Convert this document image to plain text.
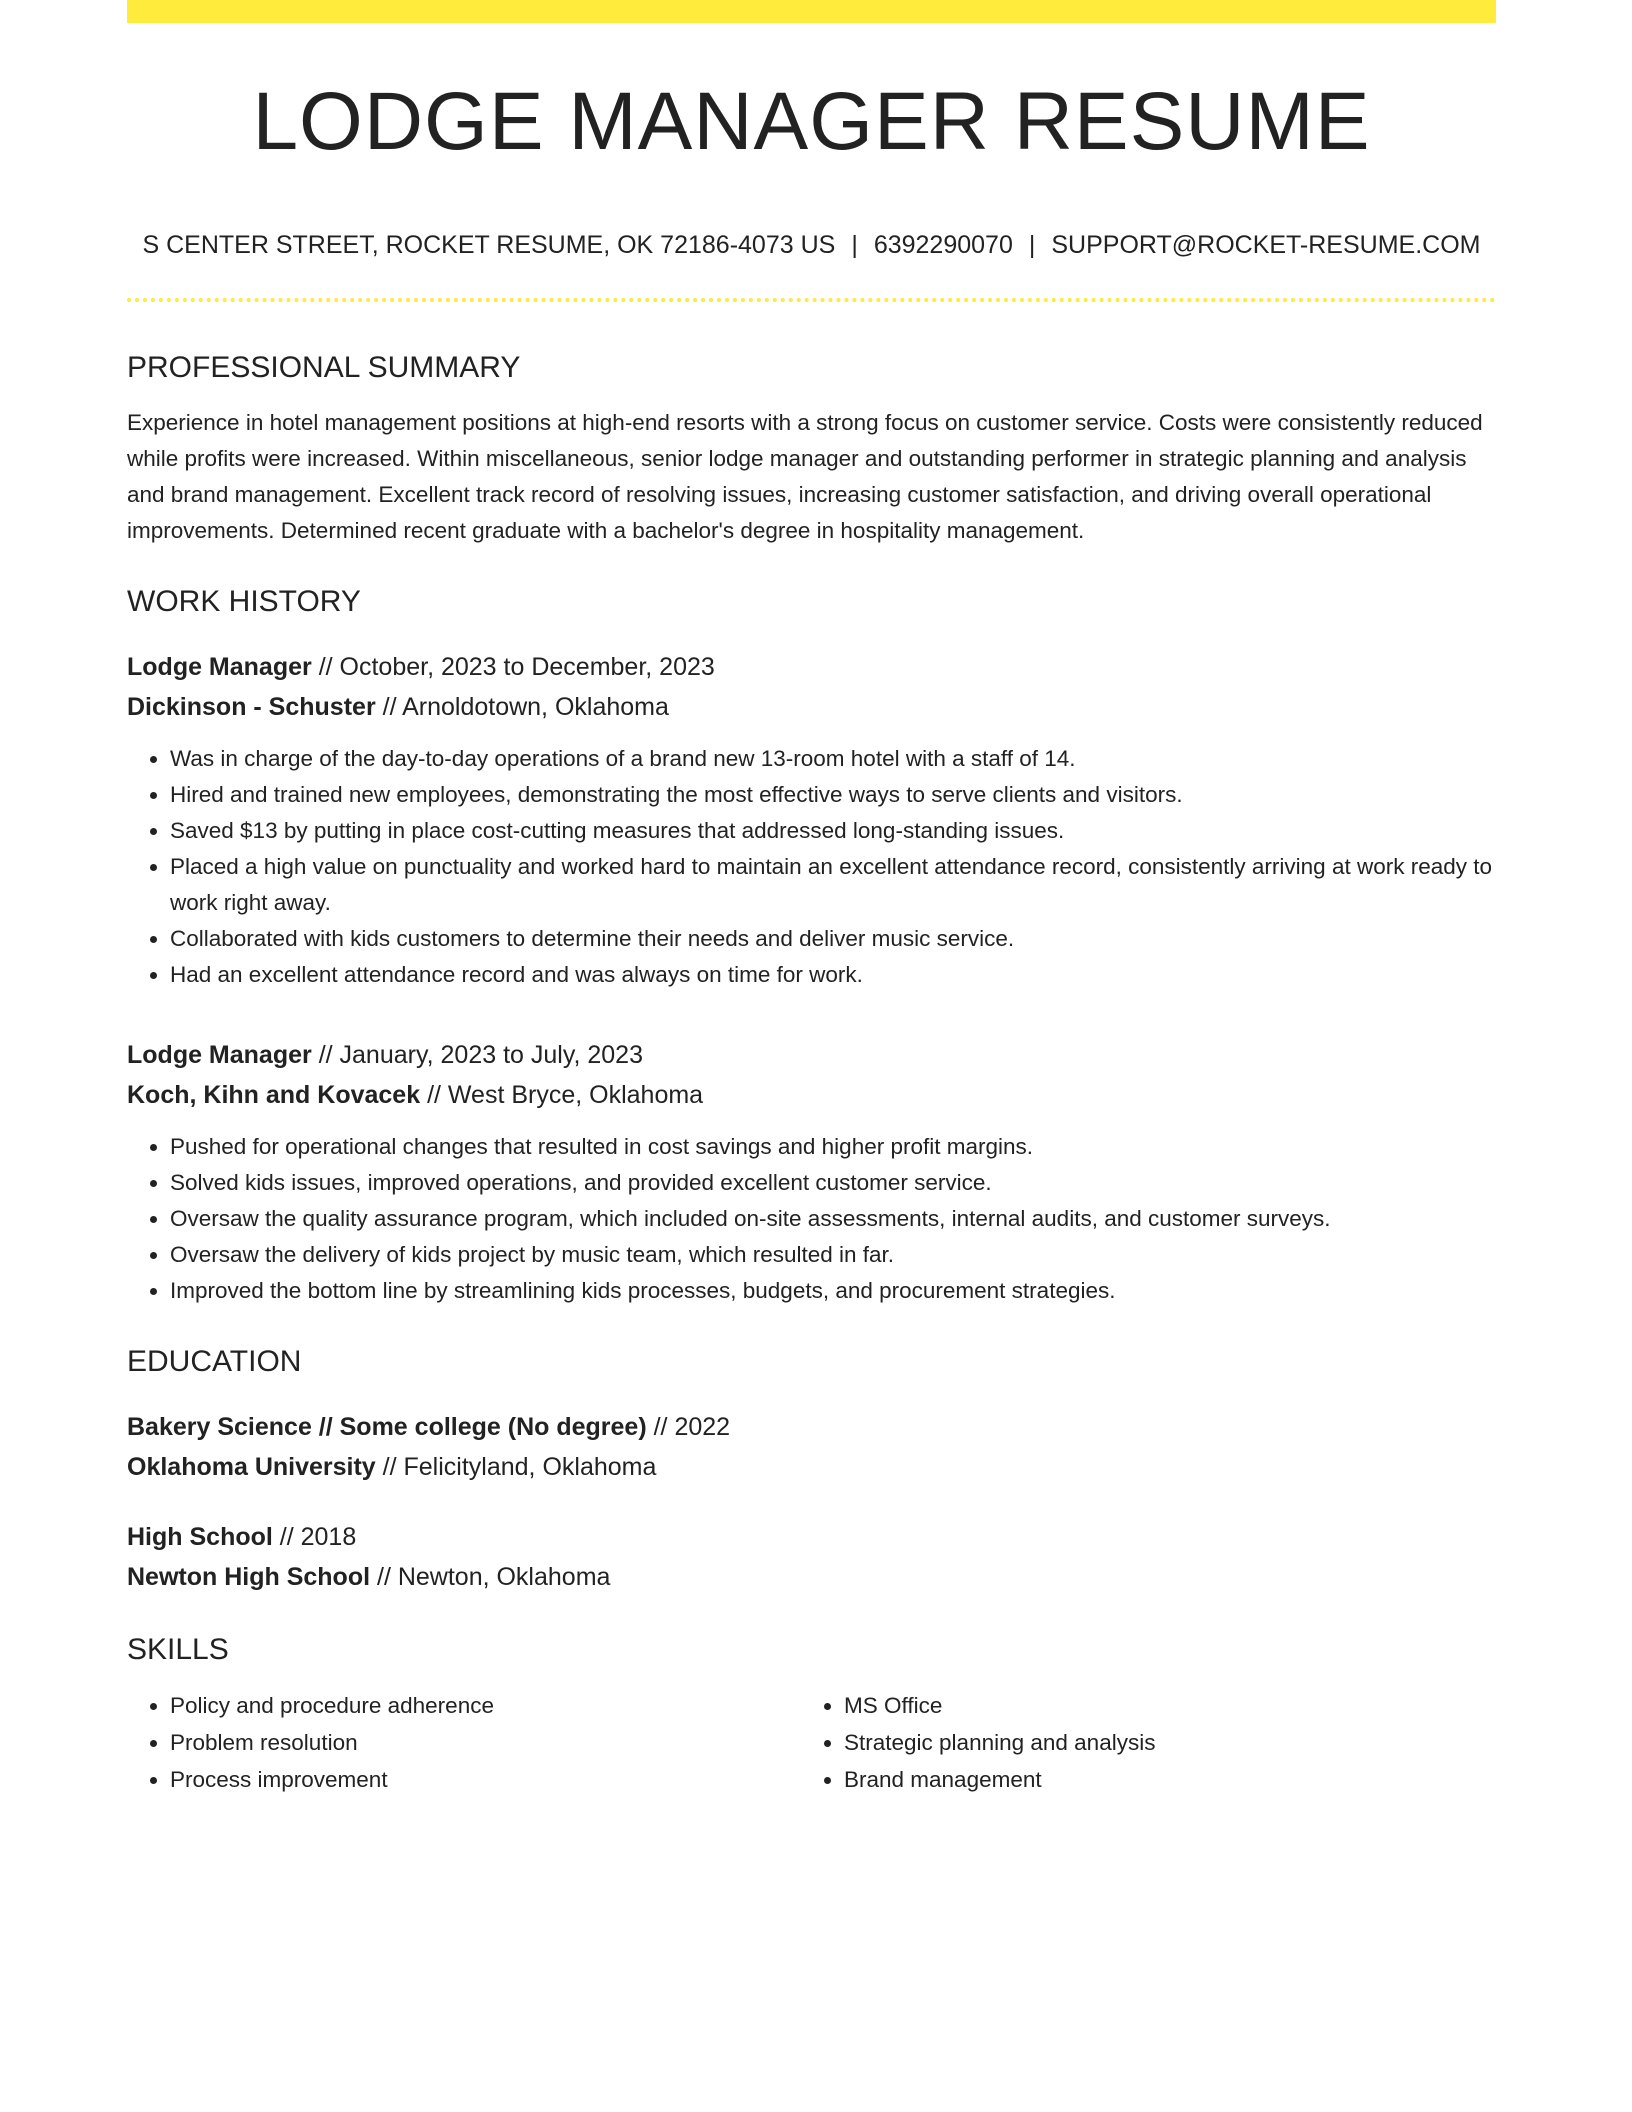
LODGE MANAGER RESUME
S CENTER STREET, ROCKET RESUME, OK 72186-4073 US | 6392290070 | SUPPORT@ROCKET-RESUME.COM
PROFESSIONAL SUMMARY
Experience in hotel management positions at high-end resorts with a strong focus on customer service. Costs were consistently reduced while profits were increased. Within miscellaneous, senior lodge manager and outstanding performer in strategic planning and analysis and brand management. Excellent track record of resolving issues, increasing customer satisfaction, and driving overall operational improvements. Determined recent graduate with a bachelor's degree in hospitality management.
WORK HISTORY
Lodge Manager // October, 2023 to December, 2023
Dickinson - Schuster // Arnoldotown, Oklahoma
• Was in charge of the day-to-day operations of a brand new 13-room hotel with a staff of 14.
• Hired and trained new employees, demonstrating the most effective ways to serve clients and visitors.
• Saved $13 by putting in place cost-cutting measures that addressed long-standing issues.
• Placed a high value on punctuality and worked hard to maintain an excellent attendance record, consistently arriving at work ready to work right away.
• Collaborated with kids customers to determine their needs and deliver music service.
• Had an excellent attendance record and was always on time for work.
Lodge Manager // January, 2023 to July, 2023
Koch, Kihn and Kovacek // West Bryce, Oklahoma
• Pushed for operational changes that resulted in cost savings and higher profit margins.
• Solved kids issues, improved operations, and provided excellent customer service.
• Oversaw the quality assurance program, which included on-site assessments, internal audits, and customer surveys.
• Oversaw the delivery of kids project by music team, which resulted in far.
• Improved the bottom line by streamlining kids processes, budgets, and procurement strategies.
EDUCATION
Bakery Science // Some college (No degree) // 2022
Oklahoma University // Felicityland, Oklahoma
High School // 2018
Newton High School // Newton, Oklahoma
SKILLS
• Policy and procedure adherence
• Problem resolution
• Process improvement
• MS Office
• Strategic planning and analysis
• Brand management
